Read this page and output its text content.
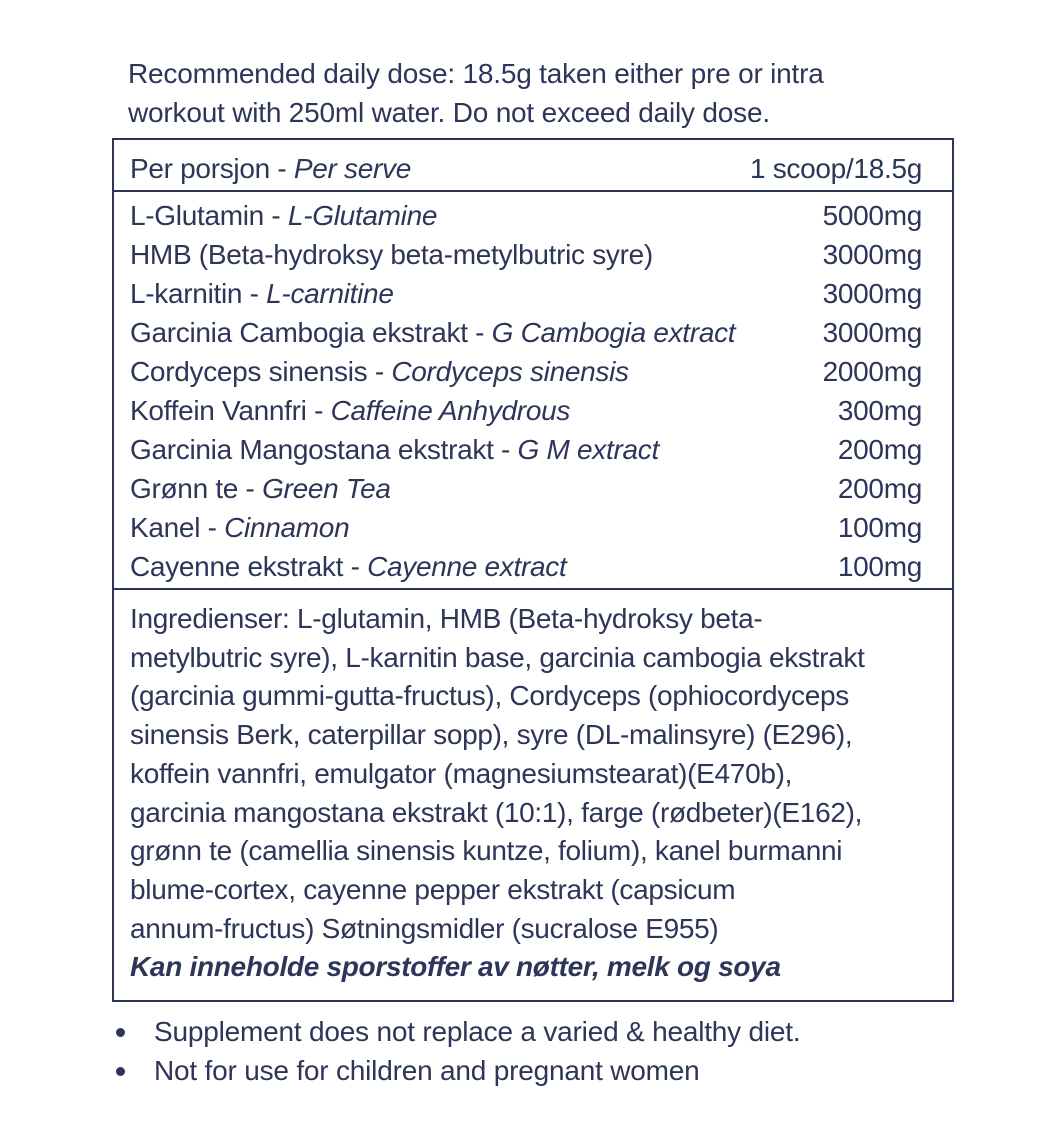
Recommended daily dose: 18.5g taken either pre or intra
workout with 250ml water. Do not exceed daily dose.
Per porsjon - Per serve	1 scoop/18.5g
L-Glutamin - L-Glutamine	5000mg
HMB (Beta-hydroksy beta-metylbutric syre)	3000mg
L-karnitin - L-carnitine	3000mg
Garcinia Cambogia ekstrakt - G Cambogia extract	3000mg
Cordyceps sinensis - Cordyceps sinensis	2000mg
Koffein Vannfri - Caffeine Anhydrous	300mg
Garcinia Mangostana ekstrakt - G M extract	200mg
Grønn te - Green Tea	200mg
Kanel - Cinnamon	100mg
Cayenne ekstrakt - Cayenne extract	100mg
Ingredienser: L-glutamin, HMB (Beta-hydroksy beta-
metylbutric syre), L-karnitin base, garcinia cambogia ekstrakt
(garcinia gummi-gutta-fructus), Cordyceps (ophiocordyceps
sinensis Berk, caterpillar sopp), syre (DL-malinsyre) (E296),
koffein vannfri, emulgator (magnesiumstearat)(E470b),
garcinia mangostana ekstrakt (10:1), farge (rødbeter)(E162),
grønn te (camellia sinensis kuntze, folium), kanel burmanni
blume-cortex, cayenne pepper ekstrakt (capsicum
annum-fructus) Søtningsmidler (sucralose E955)
Kan inneholde sporstoffer av nøtter, melk og soya
Supplement does not replace a varied & healthy diet.
Not for use for children and pregnant women
